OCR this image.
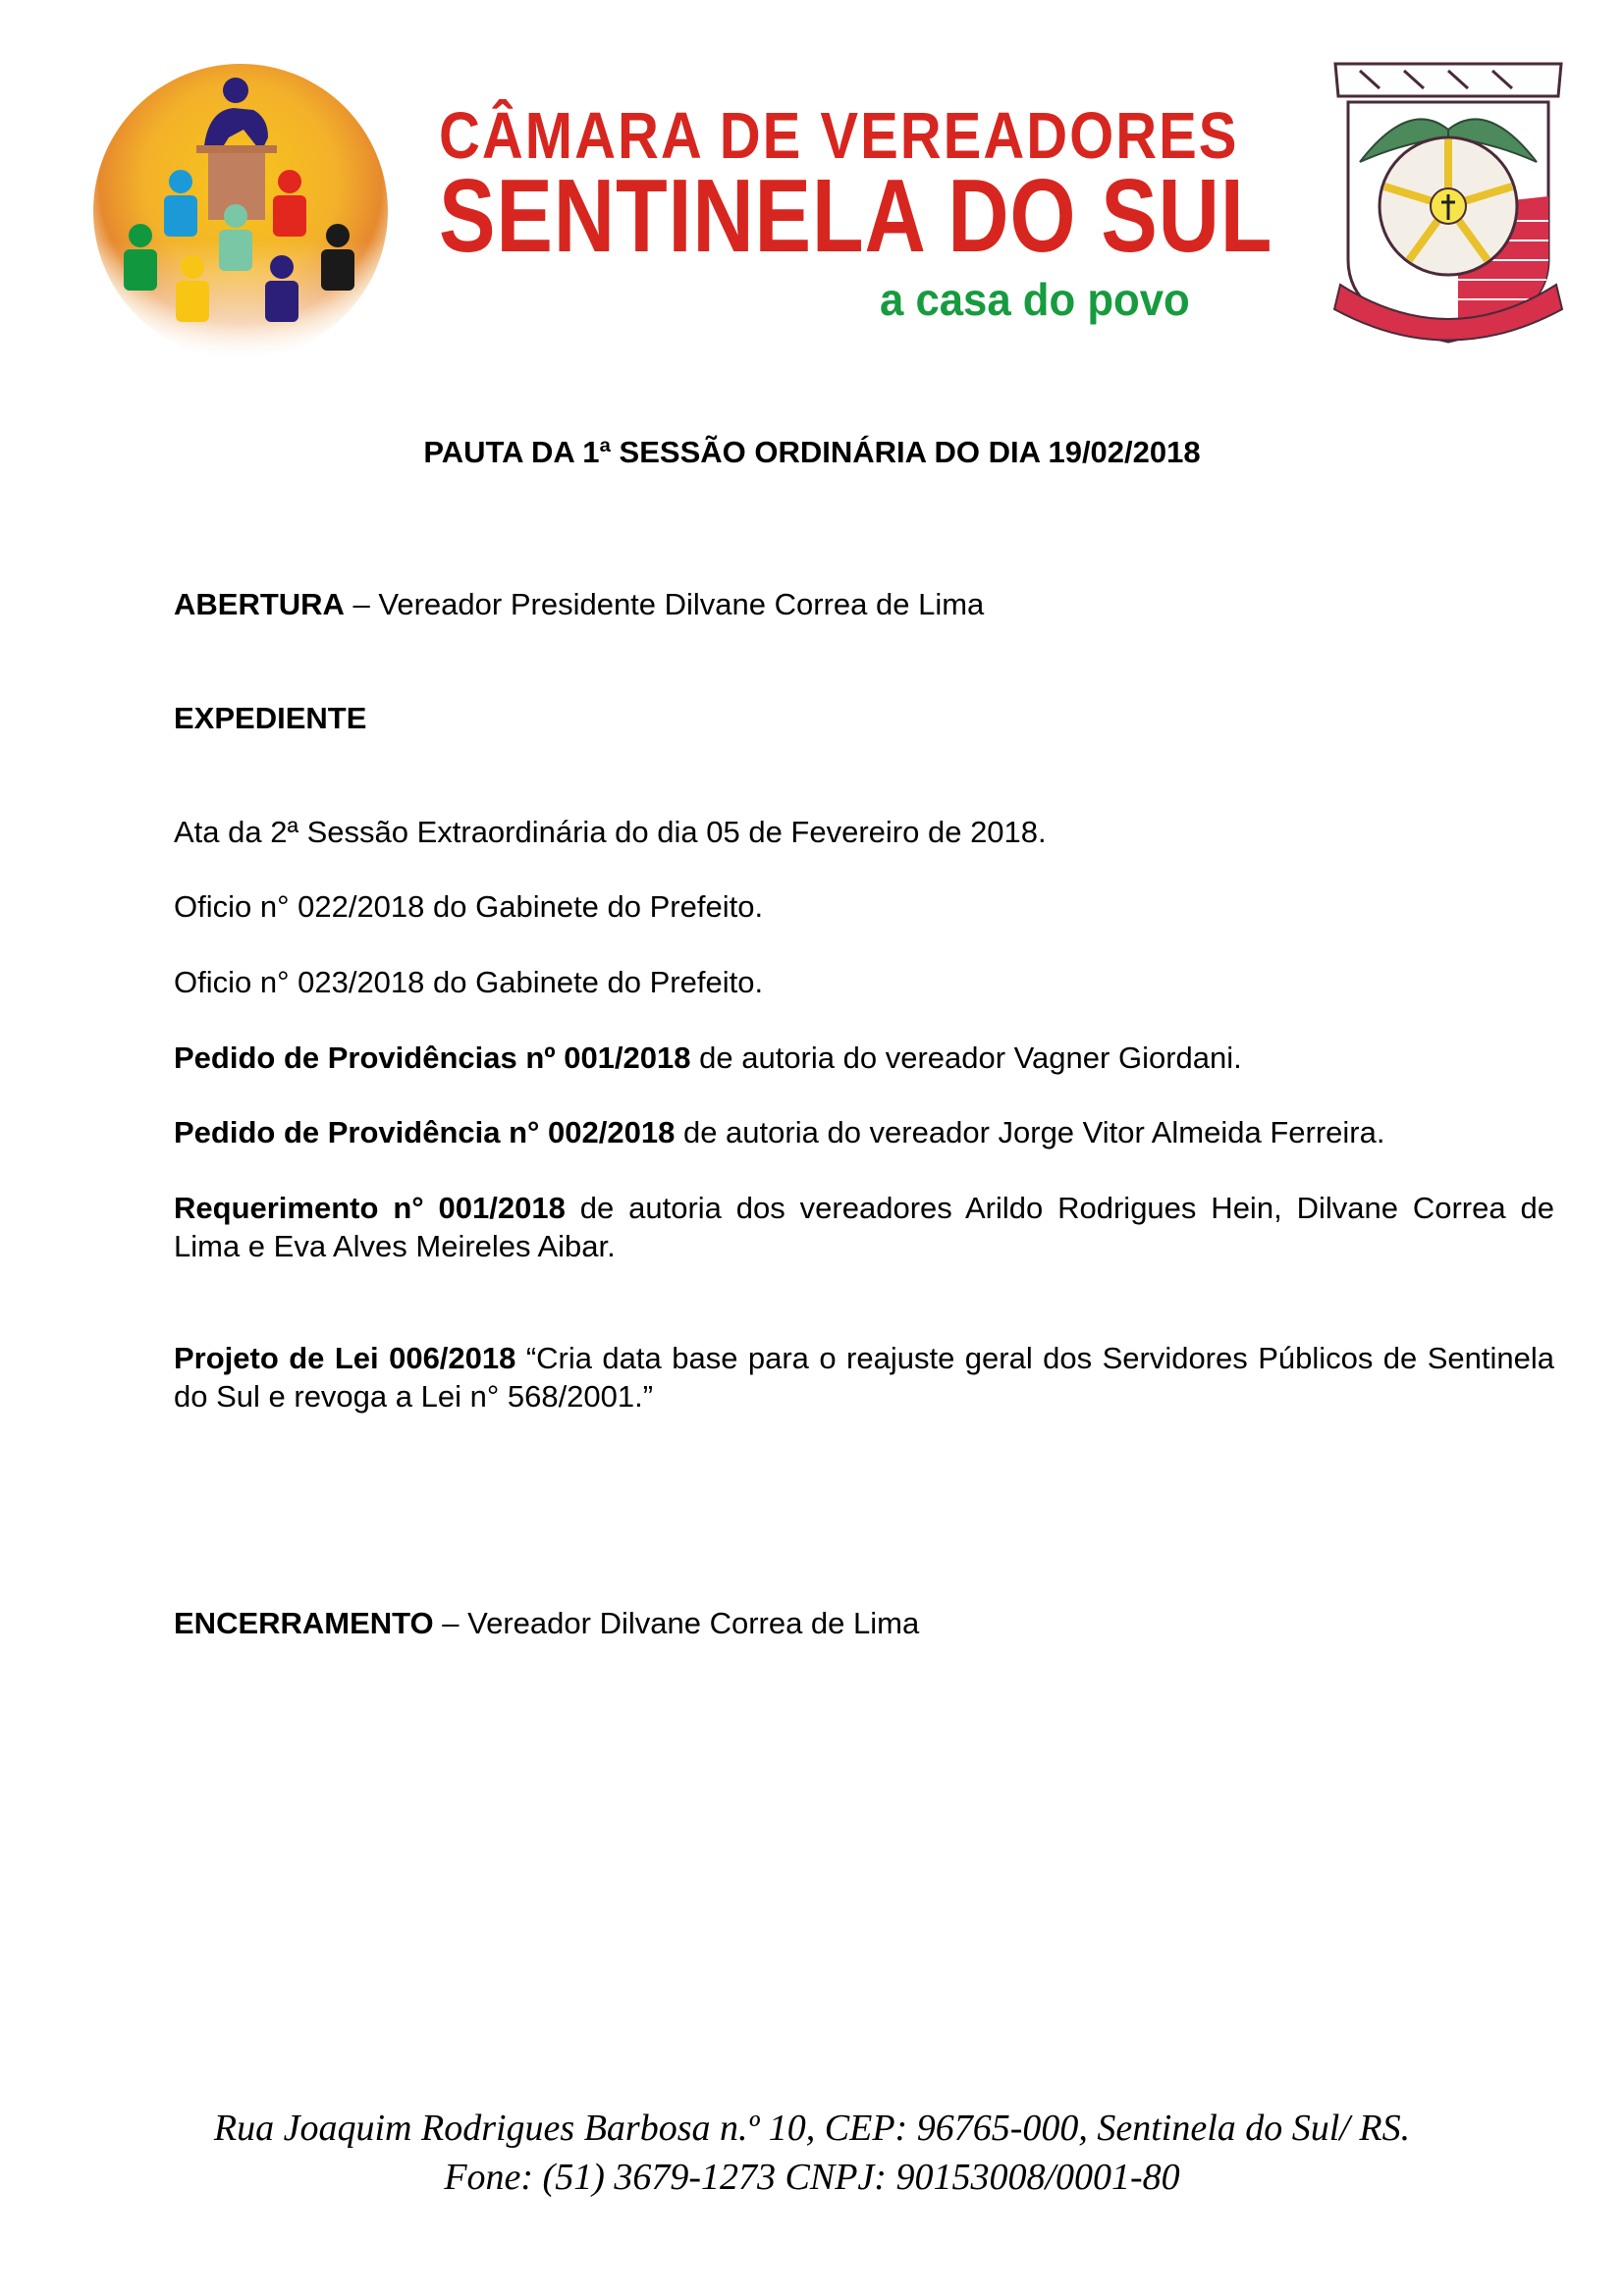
CÂMARA DE VEREADORES
SENTINELA DO SUL
a casa do povo
PAUTA DA 1ª SESSÃO ORDINÁRIA DO DIA 19/02/2018
ABERTURA – Vereador Presidente Dilvane Correa de Lima
EXPEDIENTE
Ata da 2ª Sessão Extraordinária do dia 05 de Fevereiro de 2018.
Oficio n° 022/2018 do Gabinete do Prefeito.
Oficio n° 023/2018 do Gabinete do Prefeito.
Pedido de Providências nº 001/2018 de autoria do vereador Vagner Giordani.
Pedido de Providência n° 002/2018 de autoria do vereador Jorge Vitor Almeida Ferreira.
Requerimento n° 001/2018 de autoria dos vereadores Arildo Rodrigues Hein, Dilvane Correa de Lima e Eva Alves Meireles Aibar.
Projeto de Lei 006/2018 “Cria data base para o reajuste geral dos Servidores Públicos de Sentinela do Sul e revoga a Lei n° 568/2001.”
ENCERRAMENTO – Vereador Dilvane Correa de Lima
Rua Joaquim Rodrigues Barbosa n.º 10, CEP: 96765-000, Sentinela do Sul/ RS.
Fone: (51) 3679-1273 CNPJ: 90153008/0001-80
